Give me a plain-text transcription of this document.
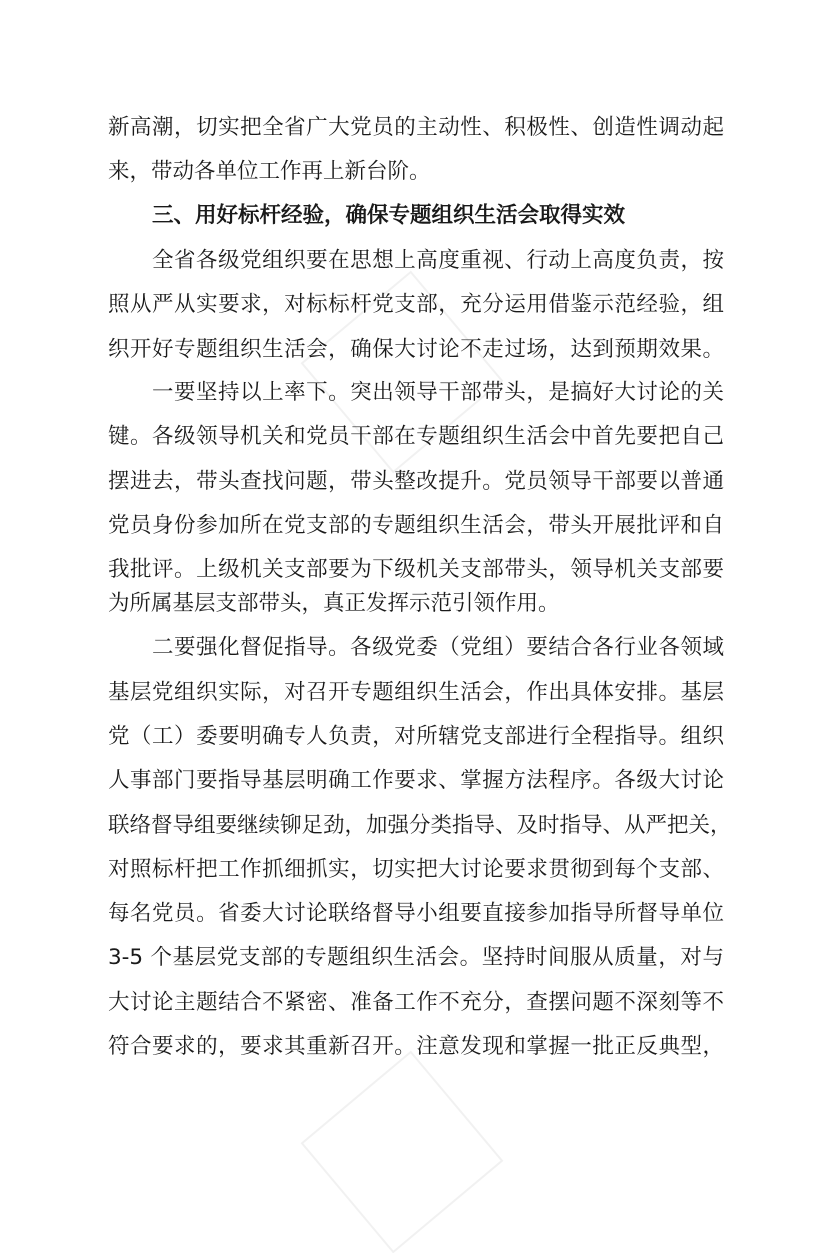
新高潮，切实把全省广大党员的主动性、积极性、创造性调动起
来，带动各单位工作再上新台阶。
三、用好标杆经验，确保专题组织生活会取得实效
全省各级党组织要在思想上高度重视、行动上高度负责，按
照从严从实要求，对标标杆党支部，充分运用借鉴示范经验，组
织开好专题组织生活会，确保大讨论不走过场，达到预期效果。
一要坚持以上率下。突出领导干部带头，是搞好大讨论的关
键。各级领导机关和党员干部在专题组织生活会中首先要把自己
摆进去，带头查找问题，带头整改提升。党员领导干部要以普通
党员身份参加所在党支部的专题组织生活会，带头开展批评和自
我批评。上级机关支部要为下级机关支部带头，领导机关支部要
为所属基层支部带头，真正发挥示范引领作用。
二要强化督促指导。各级党委（党组）要结合各行业各领域
基层党组织实际，对召开专题组织生活会，作出具体安排。基层
党（工）委要明确专人负责，对所辖党支部进行全程指导。组织
人事部门要指导基层明确工作要求、掌握方法程序。各级大讨论
联络督导组要继续铆足劲，加强分类指导、及时指导、从严把关，
对照标杆把工作抓细抓实，切实把大讨论要求贯彻到每个支部、
每名党员。省委大讨论联络督导小组要直接参加指导所督导单位
3-5 个基层党支部的专题组织生活会。坚持时间服从质量，对与
大讨论主题结合不紧密、准备工作不充分，查摆问题不深刻等不
符合要求的，要求其重新召开。注意发现和掌握一批正反典型，
